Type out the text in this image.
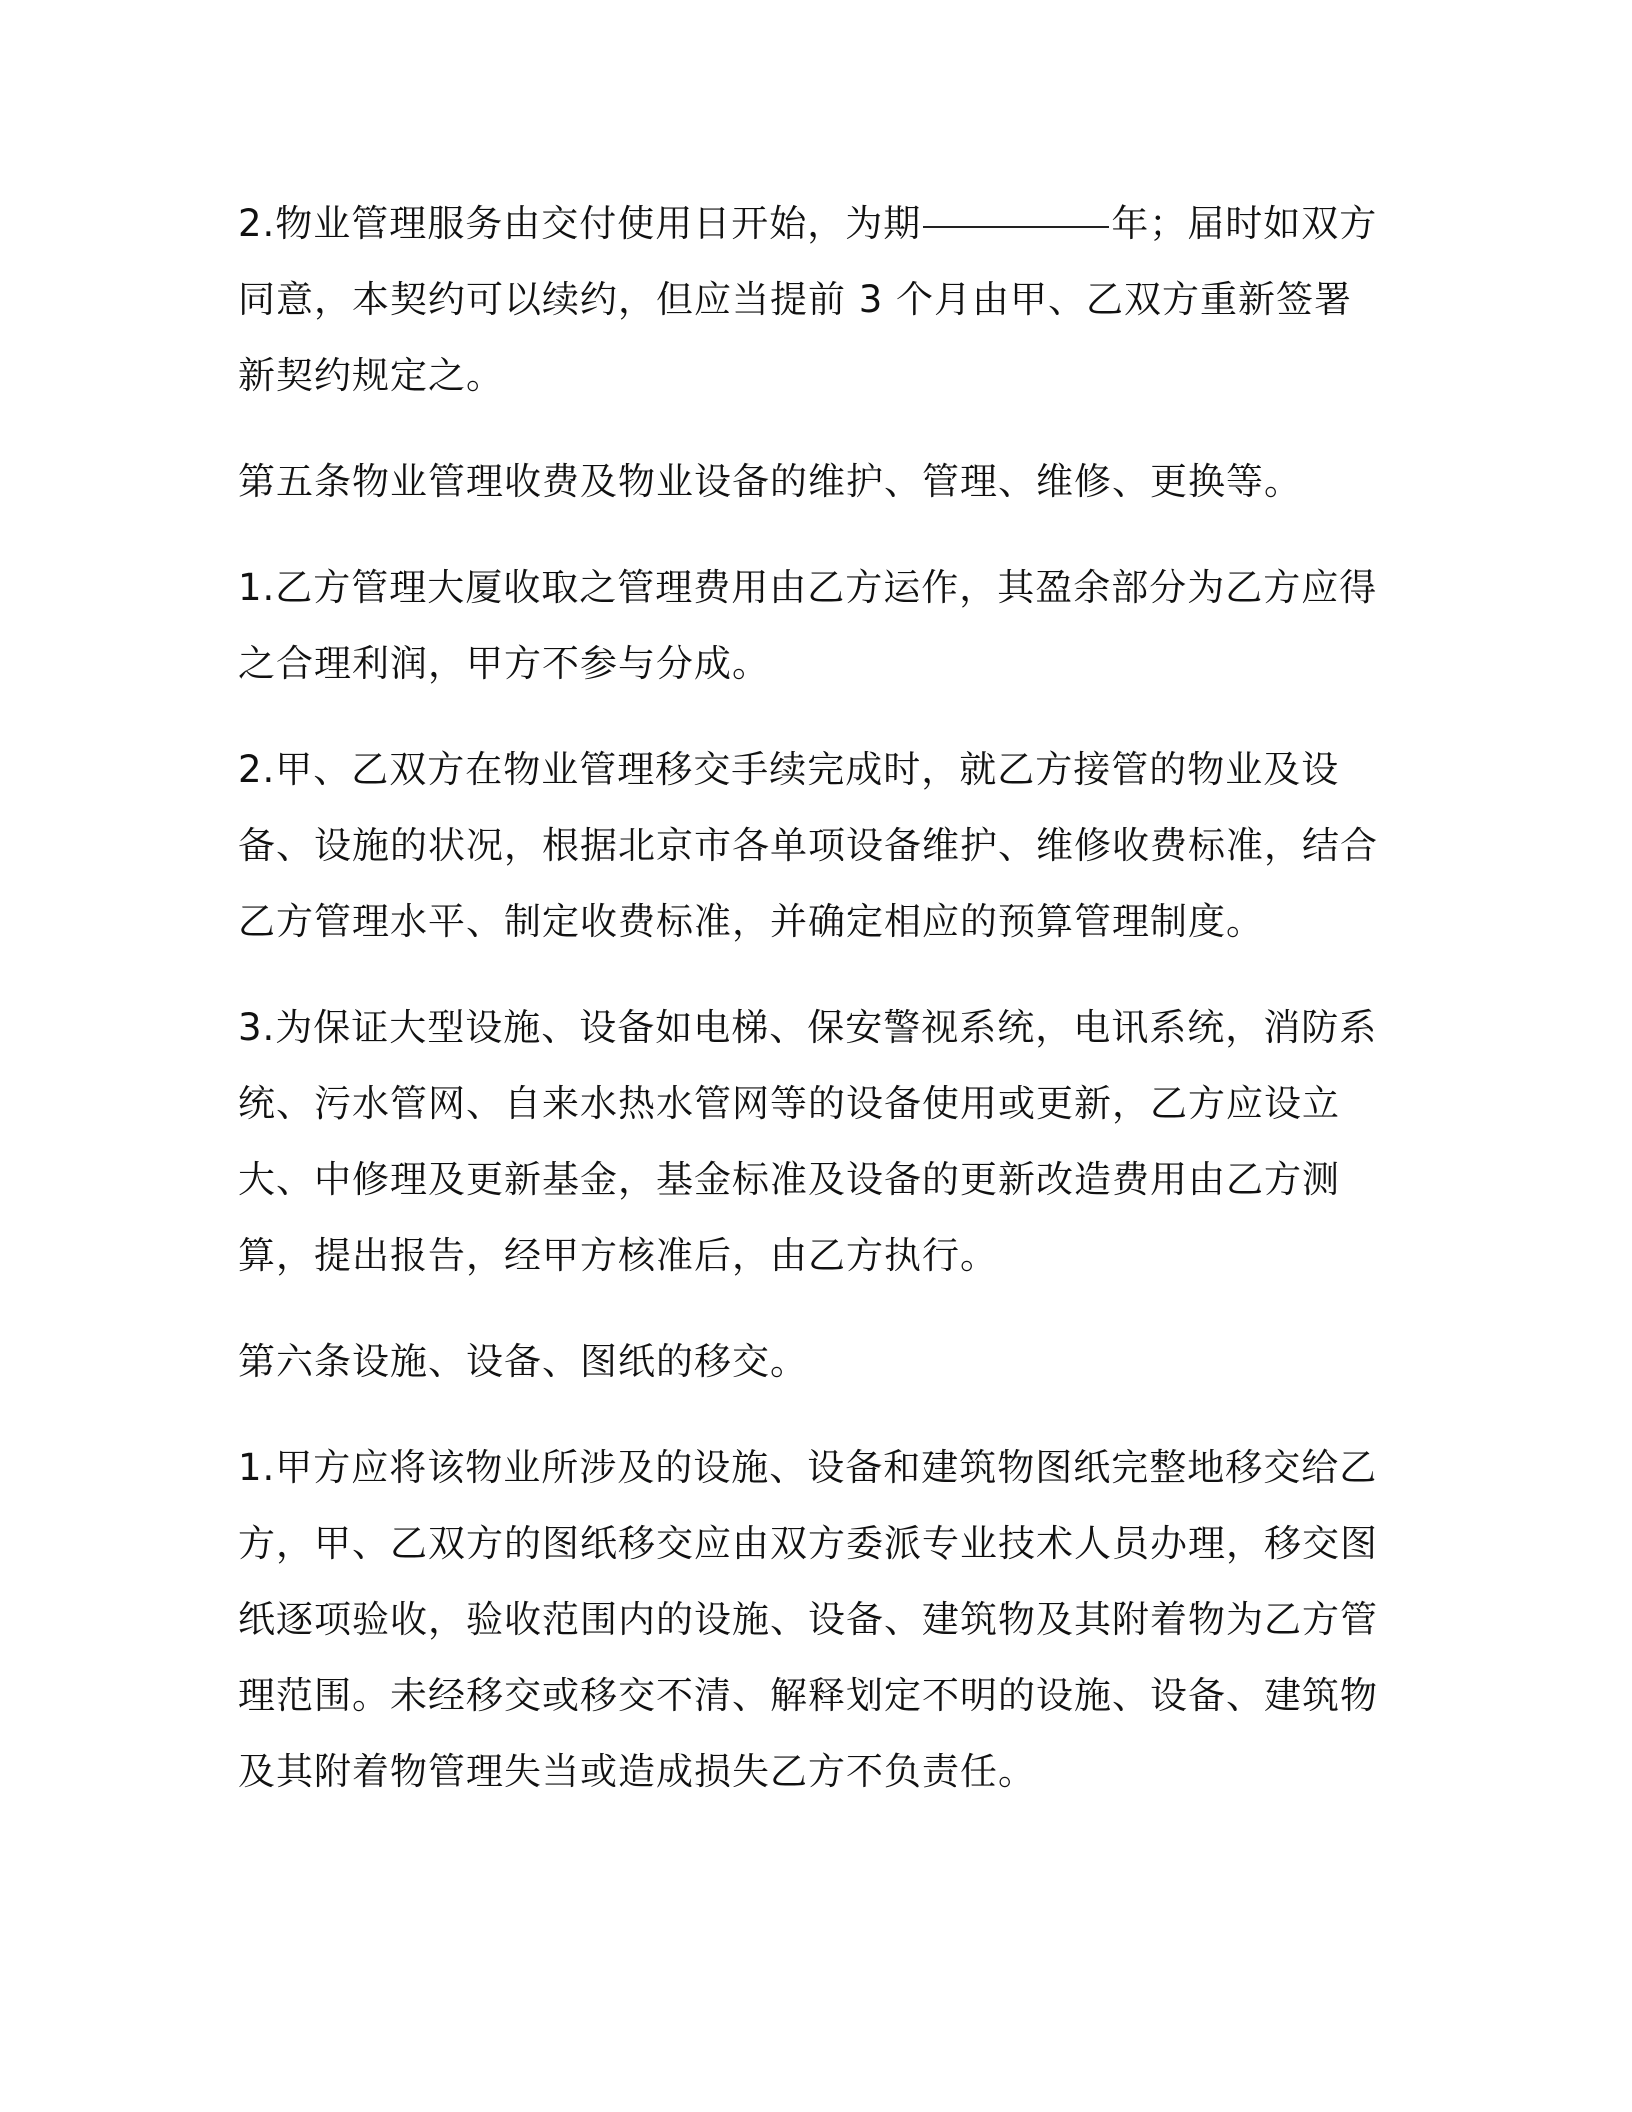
2.物业管理服务由交付使用日开始，为期	年；届时如双方同意，本契约可以续约，但应当提前 3 个月由甲、乙双方重新签署新契约规定之。

第五条物业管理收费及物业设备的维护、管理、维修、更换等。

1.乙方管理大厦收取之管理费用由乙方运作，其盈余部分为乙方应得之合理利润，甲方不参与分成。

2.甲、乙双方在物业管理移交手续完成时，就乙方接管的物业及设备、设施的状况，根据北京市各单项设备维护、维修收费标准，结合乙方管理水平、制定收费标准，并确定相应的预算管理制度。

3.为保证大型设施、设备如电梯、保安警视系统，电讯系统，消防系统、污水管网、自来水热水管网等的设备使用或更新，乙方应设立大、中修理及更新基金，基金标准及设备的更新改造费用由乙方测算，提出报告，经甲方核准后，由乙方执行。

第六条设施、设备、图纸的移交。

1.甲方应将该物业所涉及的设施、设备和建筑物图纸完整地移交给乙方，甲、乙双方的图纸移交应由双方委派专业技术人员办理，移交图纸逐项验收，验收范围内的设施、设备、建筑物及其附着物为乙方管理范围。未经移交或移交不清、解释划定不明的设施、设备、建筑物及其附着物管理失当或造成损失乙方不负责任。
